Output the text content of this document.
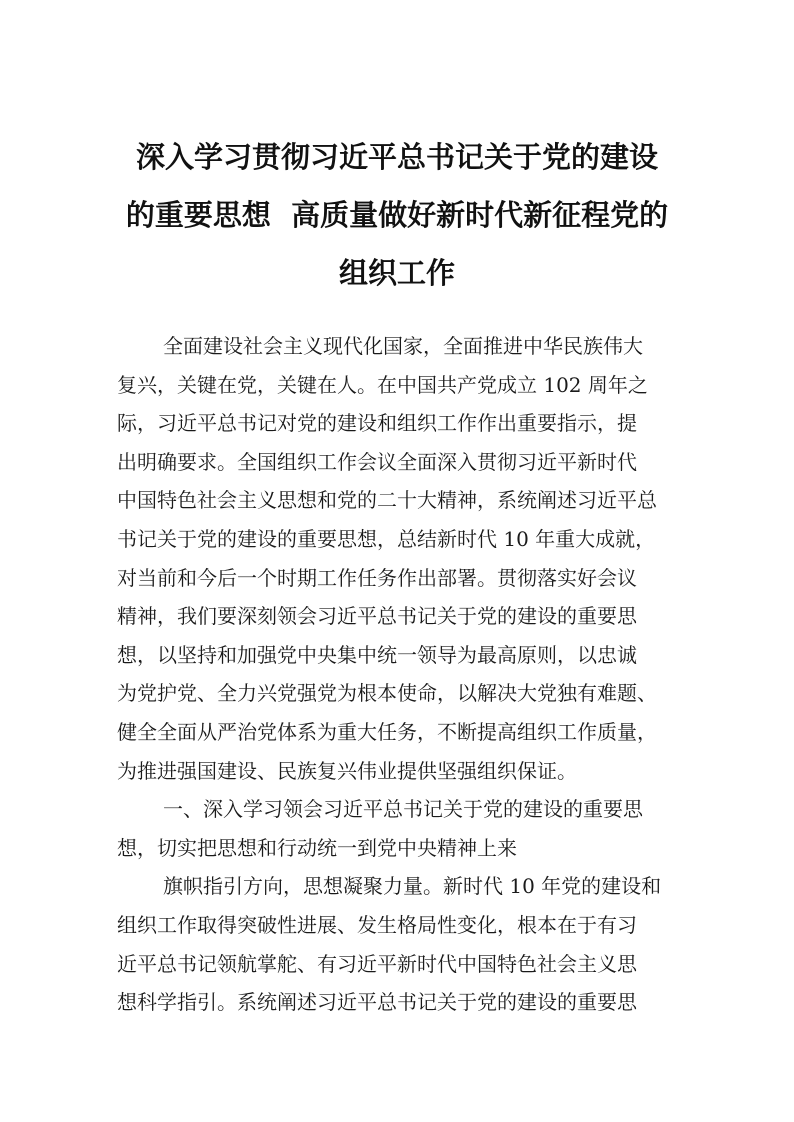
深入学习贯彻习近平总书记关于党的建设
的重要思想  高质量做好新时代新征程党的
组织工作

全面建设社会主义现代化国家，全面推进中华民族伟大
复兴，关键在党，关键在人。在中国共产党成立 102 周年之
际，习近平总书记对党的建设和组织工作作出重要指示，提
出明确要求。全国组织工作会议全面深入贯彻习近平新时代
中国特色社会主义思想和党的二十大精神，系统阐述习近平总
书记关于党的建设的重要思想，总结新时代 10 年重大成就，
对当前和今后一个时期工作任务作出部署。贯彻落实好会议
精神，我们要深刻领会习近平总书记关于党的建设的重要思
想，以坚持和加强党中央集中统一领导为最高原则，以忠诚
为党护党、全力兴党强党为根本使命，以解决大党独有难题、
健全全面从严治党体系为重大任务，不断提高组织工作质量，
为推进强国建设、民族复兴伟业提供坚强组织保证。

一、深入学习领会习近平总书记关于党的建设的重要思
想，切实把思想和行动统一到党中央精神上来

旗帜指引方向，思想凝聚力量。新时代 10 年党的建设和
组织工作取得突破性进展、发生格局性变化，根本在于有习
近平总书记领航掌舵、有习近平新时代中国特色社会主义思
想科学指引。系统阐述习近平总书记关于党的建设的重要思
